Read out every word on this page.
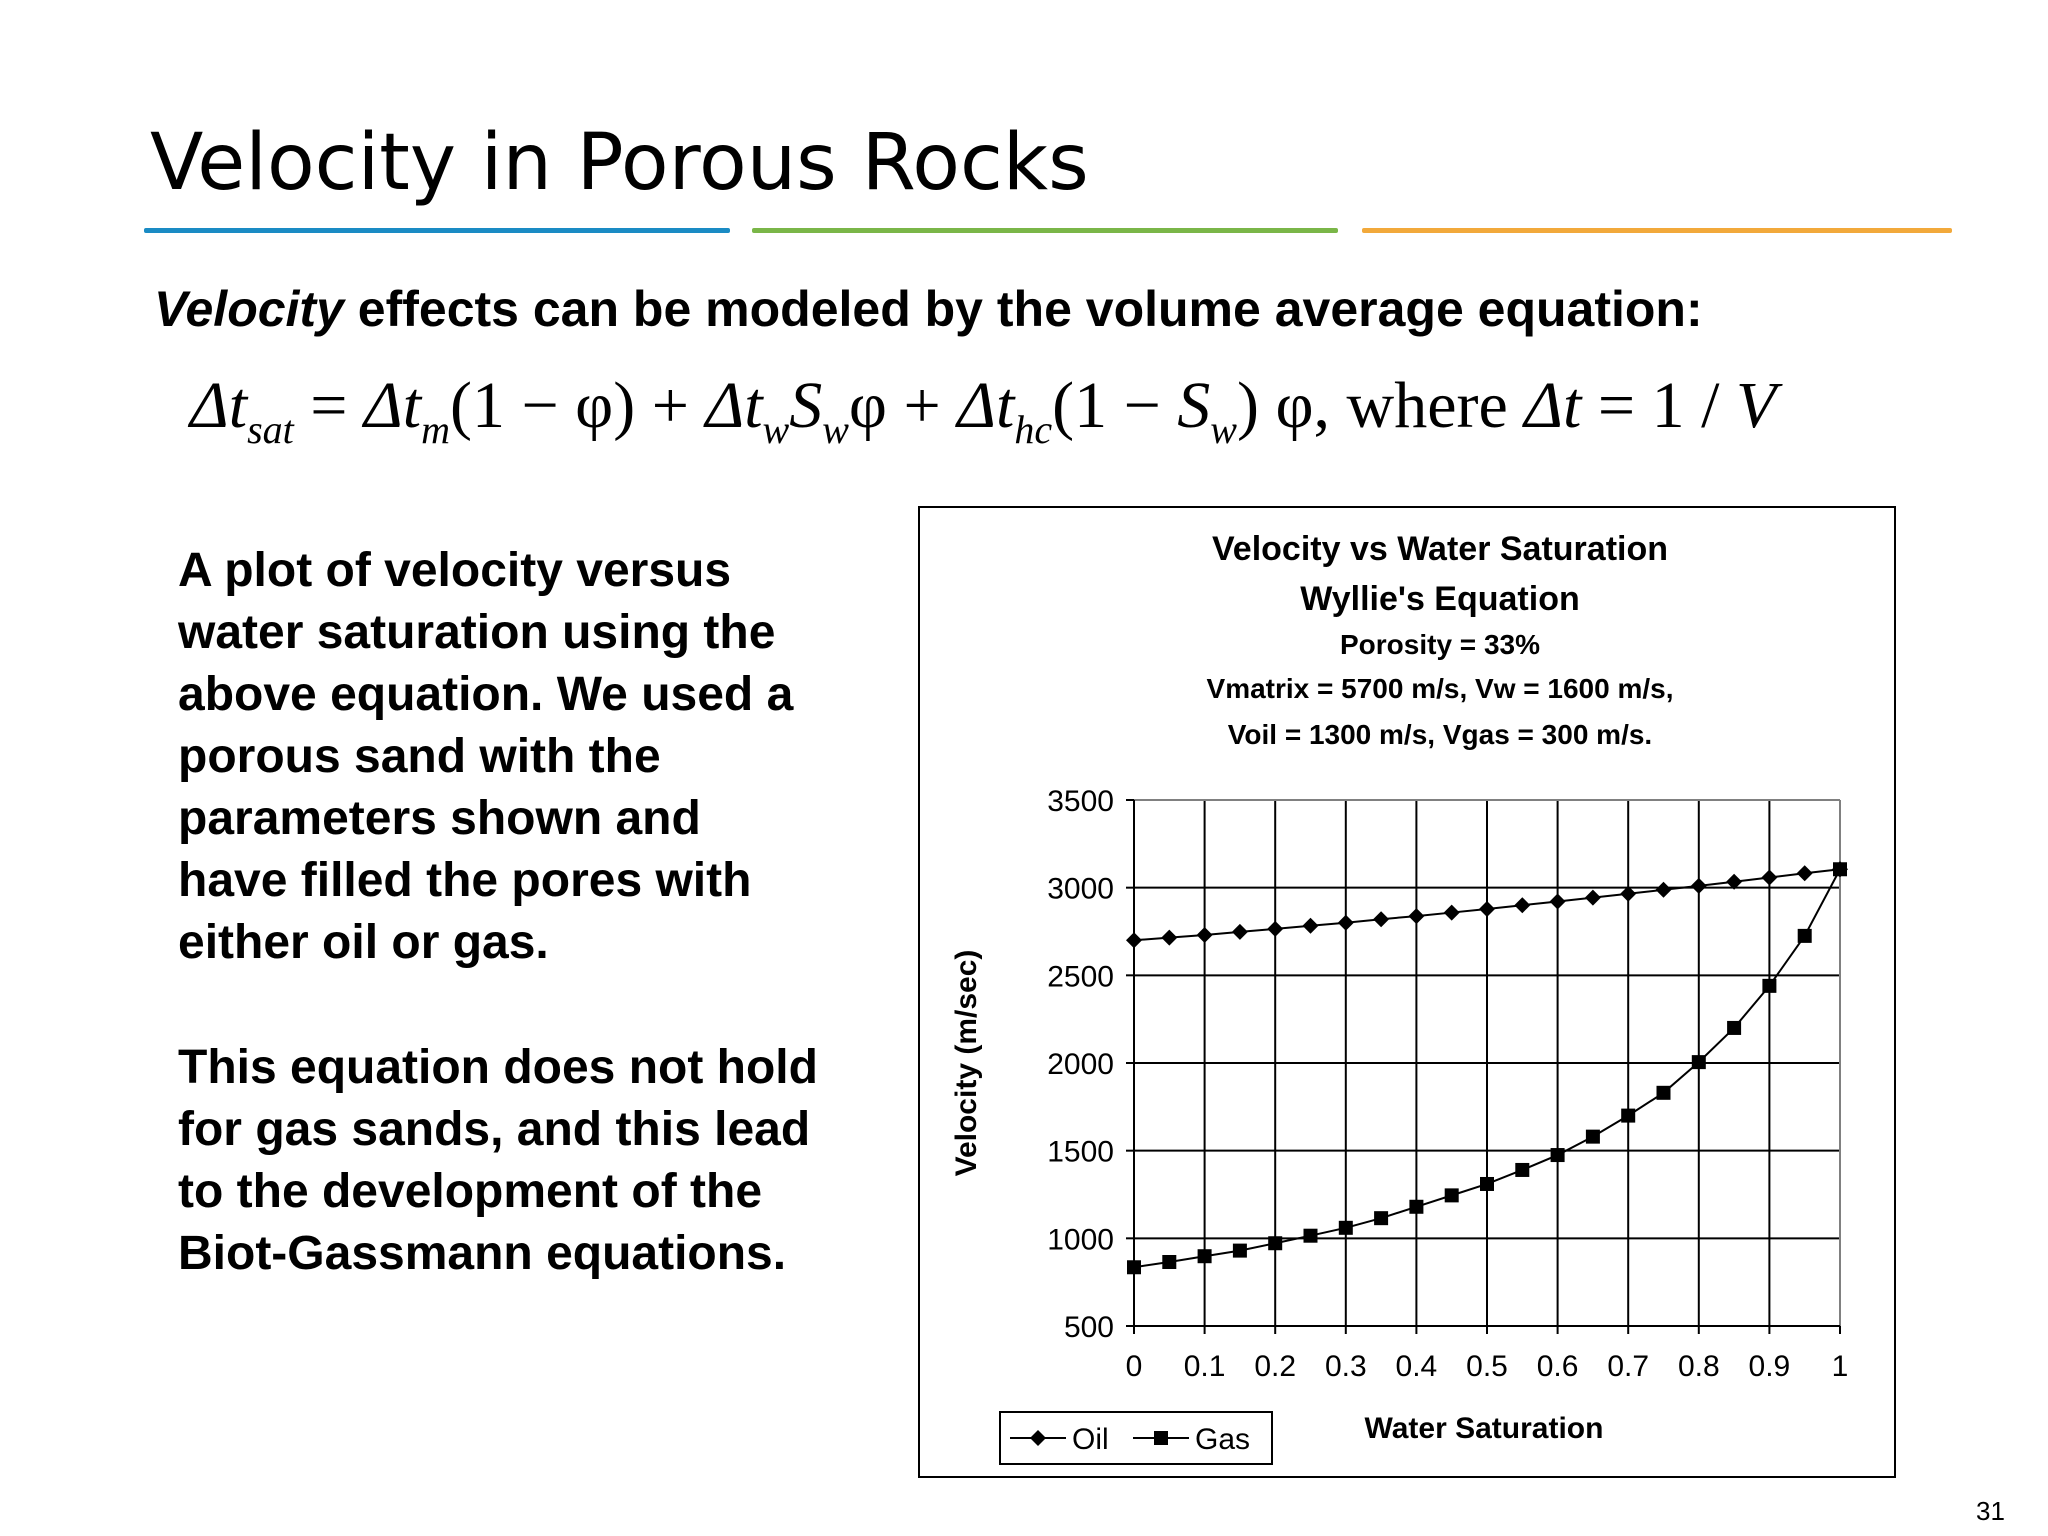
Velocity in Porous Rocks
Velocity effects can be modeled by the volume average equation:
$\Delta t_{sat} = \Delta t_m(1 - \varphi) + \Delta t_wS_w\varphi + \Delta t_{hc}(1 - S_w)$ φ, where Δt = 1 / V
A plot of velocity versus water saturation using the above equation. We used a porous sand with the parameters shown and have filled the pores with either oil or gas.
This equation does not hold for gas sands, and this lead to the development of the Biot-Gassmann equations.
Velocity vs Water Saturation
Wyllie's Equation
Porosity = 33%
Vmatrix = 5700 m/s, Vw = 1600 m/s,
Voil = 1300 m/s, Vgas = 300 m/s.
500
1000
1500
2000
2500
3000
3500
0 0.1 0.2 0.3 0.4 0.5 0.6 0.7 0.8 0.9 1
Water Saturation
Velocity (m/sec)
Oil	Gas
31
